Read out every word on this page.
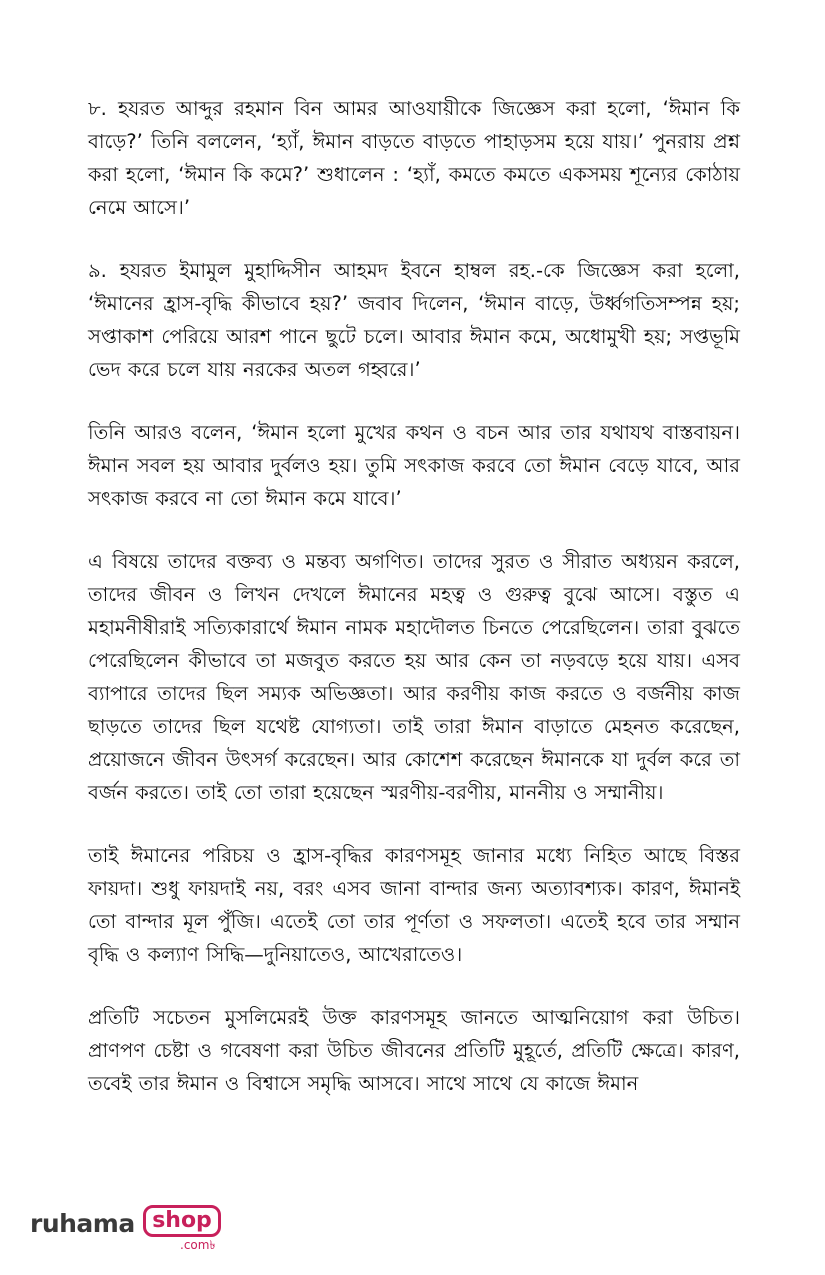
৮. হযরত আব্দুর রহমান বিন আমর আওযায়ীকে জিজ্ঞেস করা হলো, ‘ঈমান কি বাড়ে?’ তিনি বললেন, ‘হ্যাঁ, ঈমান বাড়তে বাড়তে পাহাড়সম হয়ে যায়।’ পুনরায় প্রশ্ন করা হলো, ‘ঈমান কি কমে?’ শুধালেন : ‘হ্যাঁ, কমতে কমতে একসময় শূন্যের কোঠায় নেমে আসে।’

৯. হযরত ইমামুল মুহাদ্দিসীন আহমদ ইবনে হাম্বল রহ.-কে জিজ্ঞেস করা হলো, ‘ঈমানের হ্রাস-বৃদ্ধি কীভাবে হয়?’ জবাব দিলেন, ‘ঈমান বাড়ে, উর্ধ্বগতিসম্পন্ন হয়; সপ্তাকাশ পেরিয়ে আরশ পানে ছুটে চলে। আবার ঈমান কমে, অধোমুখী হয়; সপ্তভূমি ভেদ করে চলে যায় নরকের অতল গহ্বরে।’

তিনি আরও বলেন, ‘ঈমান হলো মুখের কথন ও বচন আর তার যথাযথ বাস্তবায়ন। ঈমান সবল হয় আবার দুর্বলও হয়। তুমি সৎকাজ করবে তো ঈমান বেড়ে যাবে, আর সৎকাজ করবে না তো ঈমান কমে যাবে।’

এ বিষয়ে তাদের বক্তব্য ও মন্তব্য অগণিত। তাদের সুরত ও সীরাত অধ্যয়ন করলে, তাদের জীবন ও লিখন দেখলে ঈমানের মহত্ব ও গুরুত্ব বুঝে আসে। বস্তুত এ মহামনীষীরাই সত্যিকারার্থে ঈমান নামক মহাদৌলত চিনতে পেরেছিলেন। তারা বুঝতে পেরেছিলেন কীভাবে তা মজবুত করতে হয় আর কেন তা নড়বড়ে হয়ে যায়। এসব ব্যাপারে তাদের ছিল সম্যক অভিজ্ঞতা। আর করণীয় কাজ করতে ও বর্জনীয় কাজ ছাড়তে তাদের ছিল যথেষ্ট যোগ্যতা। তাই তারা ঈমান বাড়াতে মেহনত করেছেন, প্রয়োজনে জীবন উৎসর্গ করেছেন। আর কোশেশ করেছেন ঈমানকে যা দুর্বল করে তা বর্জন করতে। তাই তো তারা হয়েছেন স্মরণীয়-বরণীয়, মাননীয় ও সম্মানীয়।

তাই ঈমানের পরিচয় ও হ্রাস-বৃদ্ধির কারণসমূহ জানার মধ্যে নিহিত আছে বিস্তর ফায়দা। শুধু ফায়দাই নয়, বরং এসব জানা বান্দার জন্য অত্যাবশ্যক। কারণ, ঈমানই তো বান্দার মূল পুঁজি। এতেই তো তার পূর্ণতা ও সফলতা। এতেই হবে তার সম্মান বৃদ্ধি ও কল্যাণ সিদ্ধি—দুনিয়াতেও, আখেরাতেও।

প্রতিটি সচেতন মুসলিমেরই উক্ত কারণসমূহ জানতে আত্মনিয়োগ করা উচিত। প্রাণপণ চেষ্টা ও গবেষণা করা উচিত জীবনের প্রতিটি মুহূর্তে, প্রতিটি ক্ষেত্রে। কারণ, তবেই তার ঈমান ও বিশ্বাসে সমৃদ্ধি আসবে। সাথে সাথে যে কাজে ঈমান

ruhama shop
.com৳
